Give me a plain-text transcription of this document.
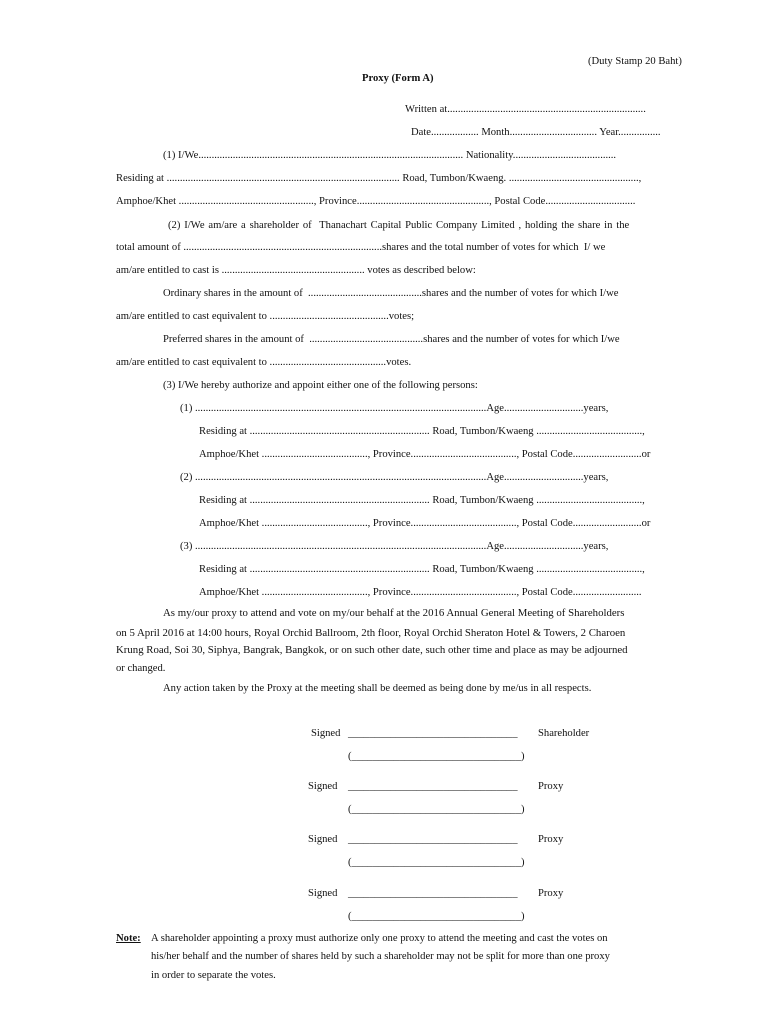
(Duty Stamp 20 Baht)
Proxy (Form A)
Written at...........................................................................
Date.................. Month................................. Year................
(1) I/We.................................................................................................... Nationality.......................................
Residing at ........................................................................................ Road, Tumbon/Kwaeng. .................................................,
Amphoe/Khet ..................................................., Province.................................................., Postal Code..................................
(2) I/We am/are a shareholder of  Thanachart Capital Public Company Limited , holding the share in the
total amount of ...........................................................................shares and the total number of votes for which  I/ we
am/are entitled to cast is ...................................................... votes as described below:
Ordinary shares in the amount of  ...........................................shares and the number of votes for which I/we
am/are entitled to cast equivalent to .............................................votes;
Preferred shares in the amount of  ...........................................shares and the number of votes for which I/we
am/are entitled to cast equivalent to ............................................votes.
(3) I/We hereby authorize and appoint either one of the following persons:
(1) ..............................................................................................................Age..............................years,
Residing at .................................................................... Road, Tumbon/Kwaeng ........................................,
Amphoe/Khet ........................................, Province........................................, Postal Code..........................or
(2) ..............................................................................................................Age..............................years,
Residing at .................................................................... Road, Tumbon/Kwaeng ........................................,
Amphoe/Khet ........................................, Province........................................, Postal Code..........................or
(3) ..............................................................................................................Age..............................years,
Residing at .................................................................... Road, Tumbon/Kwaeng ........................................,
Amphoe/Khet ........................................, Province........................................, Postal Code..........................
As my/our proxy to attend and vote on my/our behalf at the 2016 Annual General Meeting of Shareholders
on 5 April 2016 at 14:00 hours, Royal Orchid Ballroom, 2th floor, Royal Orchid Sheraton Hotel & Towers, 2 Charoen
Krung Road, Soi 30, Siphya, Bangrak, Bangkok, or on such other date, such other time and place as may be adjourned
or changed.
Any action taken by the Proxy at the meeting shall be deemed as being done by me/us in all respects.
Signed ________________________________ Shareholder
(________________________________)
Signed ________________________________ Proxy
(________________________________)
Signed ________________________________ Proxy
(________________________________)
Signed ________________________________ Proxy
(________________________________)
Note: A shareholder appointing a proxy must authorize only one proxy to attend the meeting and cast the votes on
his/her behalf and the number of shares held by such a shareholder may not be split for more than one proxy
in order to separate the votes.
